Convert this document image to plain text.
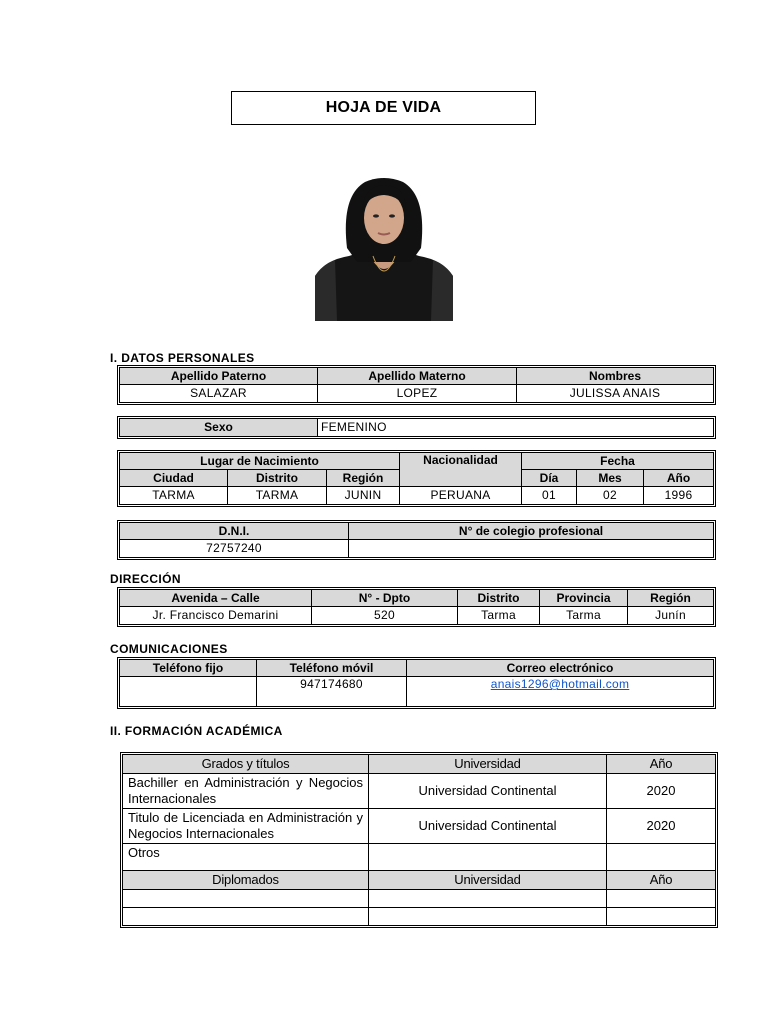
HOJA DE VIDA
I. DATOS PERSONALES
Apellido Paterno	Apellido Materno	Nombres
SALAZAR	LOPEZ	JULISSA ANAIS
Sexo	FEMENINO
Lugar de Nacimiento			Nacionalidad	Fecha		
Ciudad	Distrito	Región		Día	Mes	Año
TARMA	TARMA	JUNIN	PERUANA	01	02	1996
D.N.I.	N° de colegio profesional
72757240	
DIRECCIÓN
Avenida – Calle	N° - Dpto	Distrito	Provincia	Región
Jr. Francisco Demarini	520	Tarma	Tarma	Junín
COMUNICACIONES
Teléfono fijo	Teléfono móvil	Correo electrónico
	947174680	anais1296@hotmail.com
II. FORMACIÓN ACADÉMICA
Grados y títulos	Universidad	Año
Bachiller en Administración y Negocios Internacionales	Universidad Continental	2020
Titulo de Licenciada en Administración y Negocios Internacionales	Universidad Continental	2020
Otros		
Diplomados	Universidad	Año
